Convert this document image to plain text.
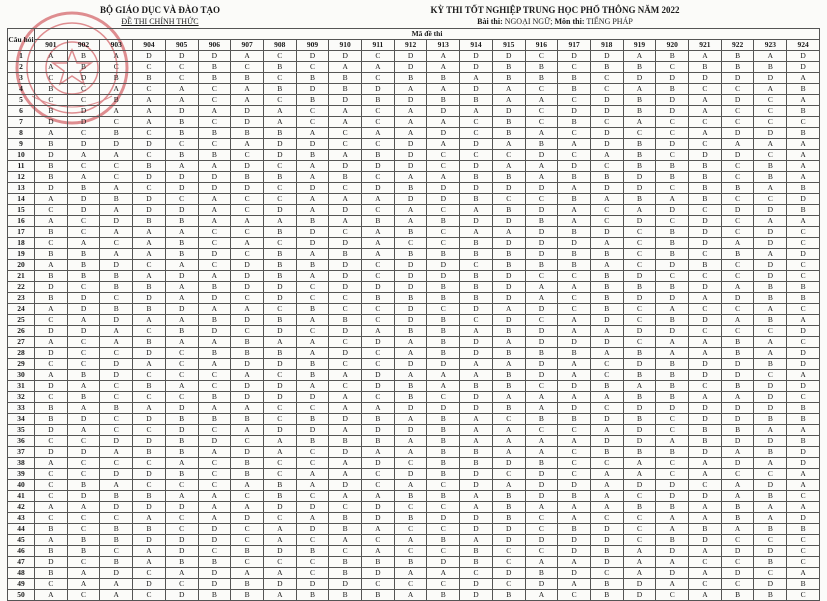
BỘ GIÁO DỤC VÀ ĐÀO TẠO
ĐỀ THI CHÍNH THỨC
KỲ THI TỐT NGHIỆP TRUNG HỌC PHỔ THÔNG NĂM 2022
Bài thi: NGOẠI NGỮ; Môn thi: TIẾNG PHÁP
Câu hỏi	Mã đề thi																							
	901	902	903	904	905	906	907	908	909	910	911	912	913	914	915	916	917	918	919	920	921	922	923	924
1	A	B	A	D	D	D	A	C	D	D	C	D	A	D	D	C	D	D	A	B	A	B	A	D
2	A	B	C	C	C	B	C	B	C	A	A	D	A	D	B	B	C	B	B	C	B	B	B	D
3	C	D	B	B	C	B	B	C	B	B	C	B	B	A	B	B	B	C	D	D	D	D	D	A
4	B	C	A	C	A	C	A	B	D	B	D	A	A	D	A	C	B	C	A	B	C	C	A	B
5	C	C	B	A	A	C	A	C	B	D	B	D	B	B	A	A	C	D	B	D	A	D	C	A
6	B	D	A	A	D	A	D	A	C	A	C	A	D	A	D	C	D	D	B	D	A	C	C	B
7	D	D	C	A	B	C	D	A	C	A	C	A	A	C	B	C	B	C	A	C	C	C	C	C
8	A	C	B	C	B	B	B	B	A	C	A	A	D	C	B	A	C	D	C	C	A	D	D	B
9	B	D	D	D	C	C	A	D	D	C	C	D	A	D	A	B	A	D	B	D	C	A	A	A
10	D	A	A	C	B	B	C	D	B	A	B	D	C	C	C	D	C	A	B	C	D	D	C	A
11	B	C	C	B	A	A	D	C	A	D	D	D	C	D	A	A	D	C	B	B	B	C	B	A
12	B	A	C	D	D	D	B	B	A	B	C	A	A	B	B	A	B	B	D	B	B	C	B	A
13	D	B	A	C	D	D	D	C	D	C	D	B	D	D	D	D	A	D	D	C	B	B	A	B
14	A	D	B	D	C	A	C	C	A	A	A	D	D	B	C	C	B	A	B	A	B	C	C	D
15	C	D	A	D	D	A	C	D	A	D	C	A	C	A	B	D	A	C	A	D	C	D	D	B
16	A	C	D	B	B	A	A	A	B	A	B	A	B	D	D	B	A	C	D	C	D	C	A	A
17	B	C	A	A	A	C	C	B	D	C	A	B	C	A	A	D	B	D	C	B	D	C	D	C
18	C	A	C	A	B	C	A	C	D	D	A	C	C	B	D	D	D	A	C	B	D	A	D	C
19	B	B	A	A	B	D	C	B	A	B	A	B	B	B	B	D	B	B	C	B	C	B	A	D
20	A	B	D	C	A	C	D	B	B	D	C	D	D	C	B	B	B	A	C	D	B	C	D	C
21	B	B	B	A	D	A	D	B	A	D	C	D	D	B	D	C	C	B	D	C	C	C	D	C
22	D	C	B	B	A	B	D	D	C	D	D	D	B	B	D	A	A	B	B	B	D	A	B	B
23	B	D	C	D	A	D	C	D	C	C	B	B	B	B	D	A	C	B	D	D	A	D	B	B
24	A	D	B	B	D	A	A	C	B	C	C	D	C	D	A	D	C	B	C	A	C	C	A	C
25	C	A	D	A	A	B	D	B	A	B	C	D	B	C	D	C	A	D	C	B	D	A	B	A
26	D	D	A	C	B	D	C	D	C	D	A	B	B	A	B	D	A	A	D	D	C	C	C	D
27	A	C	A	B	A	A	B	A	A	C	D	A	B	D	A	D	D	D	C	A	A	B	A	C
28	D	C	C	D	C	B	B	B	A	D	C	A	B	D	B	B	B	A	B	A	A	B	A	D
29	C	C	D	A	C	A	D	D	B	C	C	D	D	A	A	D	A	C	D	B	D	D	B	D
30	A	B	D	C	C	C	A	C	B	A	D	A	A	A	B	D	A	C	B	B	D	D	C	A
31	D	A	C	B	A	C	D	D	A	C	D	B	A	B	B	C	D	B	A	B	C	B	D	D
32	C	B	C	C	C	B	D	D	D	A	C	B	C	D	A	A	A	A	B	B	A	A	D	C
33	B	A	B	A	D	A	A	C	C	A	A	D	D	D	B	A	D	C	D	D	D	D	D	B
34	B	D	C	D	B	B	B	C	B	D	B	A	B	A	C	B	B	D	B	C	D	D	B	B
35	D	A	C	C	D	C	A	D	D	A	D	D	B	A	A	C	C	A	D	C	B	B	A	A
36	C	C	D	D	B	D	C	A	B	B	B	A	B	A	A	A	A	D	D	A	B	D	D	B
37	D	D	A	B	B	A	D	A	C	D	A	A	B	B	A	A	C	B	B	B	D	A	B	D
38	A	C	C	C	A	C	B	C	C	A	D	C	B	B	D	B	C	C	A	C	A	D	A	D
39	C	C	D	D	B	C	B	C	A	A	C	D	B	D	C	D	C	A	A	C	A	C	C	A
40	C	B	A	C	C	C	A	B	A	D	C	A	C	D	A	D	D	A	D	D	C	A	D	A
41	C	D	B	B	A	A	C	B	C	A	A	B	B	A	B	D	B	A	C	D	D	A	B	C
42	A	A	D	D	D	A	A	D	D	C	D	C	C	A	B	A	A	A	B	B	A	B	A	A
43	C	C	C	A	C	A	D	C	A	B	D	B	D	D	B	C	A	C	C	A	A	B	A	D
44	B	C	B	B	C	D	C	A	D	B	A	C	C	D	D	C	B	D	C	A	B	A	B	B
45	A	B	B	D	D	D	C	A	C	A	C	A	B	A	D	D	D	D	C	B	D	C	C	C
46	B	B	C	A	D	C	B	D	B	C	A	C	C	B	C	C	D	B	A	D	A	D	D	C
47	D	C	B	A	B	B	C	C	C	B	B	B	D	B	C	A	A	D	A	A	C	C	B	C
48	B	A	D	C	A	D	A	A	C	B	D	A	A	C	D	B	D	C	A	D	A	D	C	A
49	C	A	A	D	C	D	B	D	D	D	C	C	C	D	C	D	A	B	D	A	C	C	D	B
50	A	C	A	C	D	B	B	A	B	B	B	A	B	D	B	A	C	B	D	C	A	B	B	C
